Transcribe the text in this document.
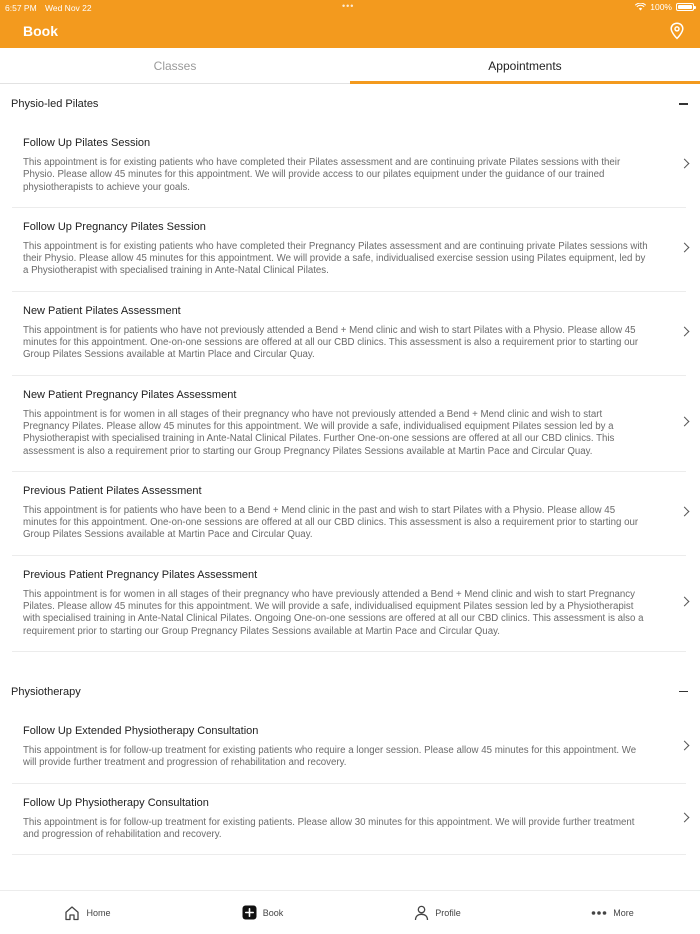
6:57 PM Wed Nov 22	•••	100%
Book
Classes	Appointments
Physio-led Pilates
Follow Up Pilates Session
This appointment is for existing patients who have completed their Pilates assessment and are continuing private Pilates sessions with their Physio. Please allow 45 minutes for this appointment. We will provide access to our pilates equipment under the guidance of our trained physiotherapists to achieve your goals.
Follow Up Pregnancy Pilates Session
This appointment is for existing patients who have completed their Pregnancy Pilates assessment and are continuing private Pilates sessions with their Physio. Please allow 45 minutes for this appointment. We will provide a safe, individualised exercise session using Pilates equipment, led by a Physiotherapist with specialised training in Ante-Natal Clinical Pilates.
New Patient Pilates Assessment
This appointment is for patients who have not previously attended a Bend + Mend clinic and wish to start Pilates with a Physio. Please allow 45 minutes for this appointment. One-on-one sessions are offered at all our CBD clinics. This assessment is also a requirement prior to starting our Group Pilates Sessions available at Martin Place and Circular Quay.
New Patient Pregnancy Pilates Assessment
This appointment is for women in all stages of their pregnancy who have not previously attended a Bend + Mend clinic and wish to start Pregnancy Pilates. Please allow 45 minutes for this appointment. We will provide a safe, individualised equipment Pilates session led by a Physiotherapist with specialised training in Ante-Natal Clinical Pilates. Further One-on-one sessions are offered at all our CBD clinics. This assessment is also a requirement prior to starting our Group Pregnancy Pilates Sessions available at Martin Pace and Circular Quay.
Previous Patient Pilates Assessment
This appointment is for patients who have been to a Bend + Mend clinic in the past and wish to start Pilates with a Physio. Please allow 45 minutes for this appointment. One-on-one sessions are offered at all our CBD clinics. This assessment is also a requirement prior to starting our Group Pilates Sessions available at Martin Pace and Circular Quay.
Previous Patient Pregnancy Pilates Assessment
This appointment is for women in all stages of their pregnancy who have previously attended a Bend + Mend clinic and wish to start Pregnancy Pilates. Please allow 45 minutes for this appointment. We will provide a safe, individualised equipment Pilates session led by a Physiotherapist with specialised training in Ante-Natal Clinical Pilates. Ongoing One-on-one sessions are offered at all our CBD clinics. This assessment is also a requirement prior to starting our Group Pregnancy Pilates Sessions available at Martin Pace and Circular Quay.
Physiotherapy
Follow Up Extended Physiotherapy Consultation
This appointment is for follow-up treatment for existing patients who require a longer session. Please allow 45 minutes for this appointment. We will provide further treatment and progression of rehabilitation and recovery.
Follow Up Physiotherapy Consultation
This appointment is for follow-up treatment for existing patients. Please allow 30 minutes for this appointment. We will provide further treatment and progression of rehabilitation and recovery.
Home	Book	Profile	More
